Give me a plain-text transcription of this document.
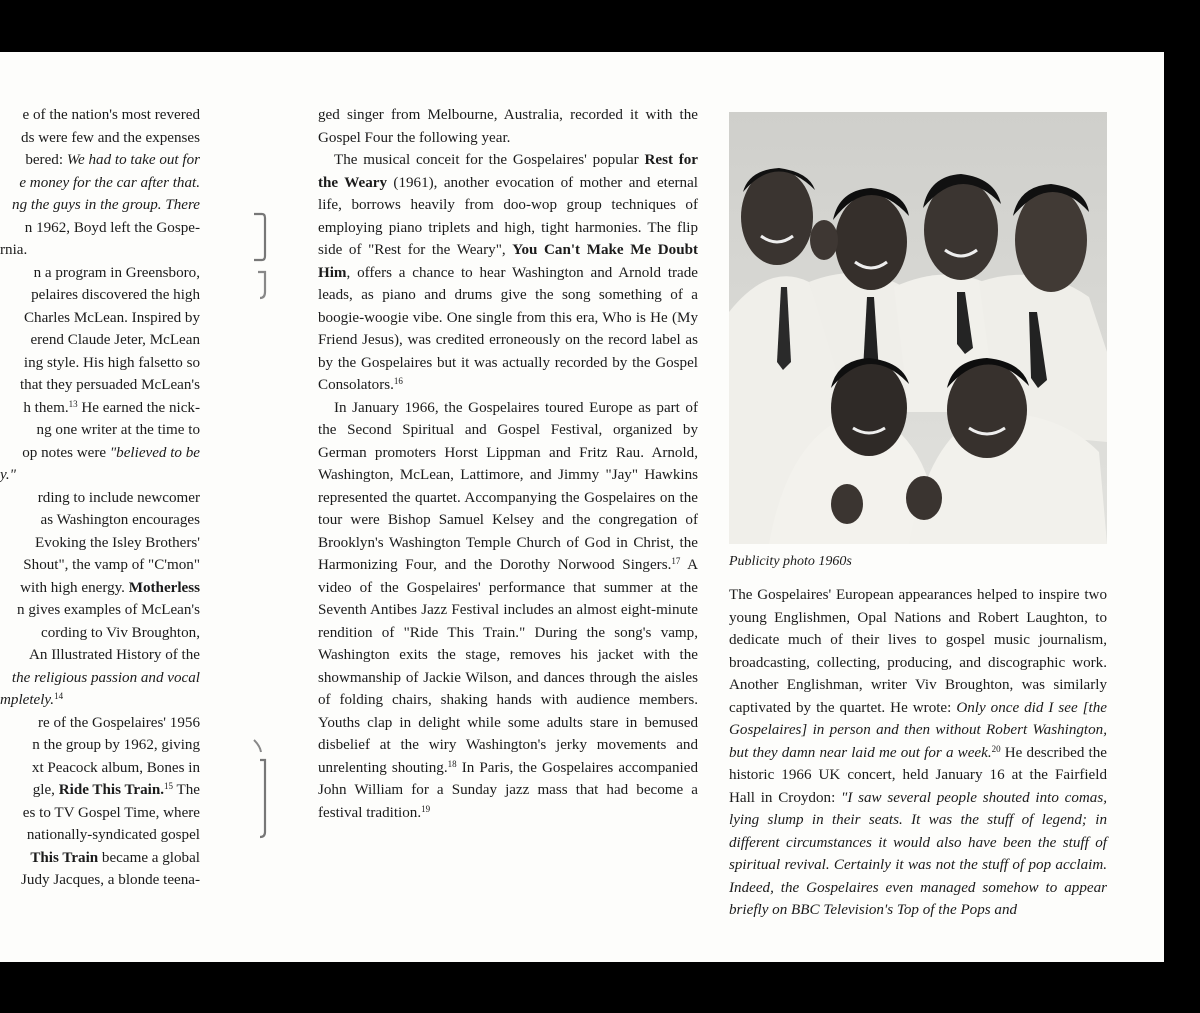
e of the nation's most revered

ds were few and the expenses

bered: We had to take out for

e money for the car after that.

ng the guys in the group. There

n 1962, Boyd left the Gospe-

rnia.

n a program in Greensboro,

pelaires discovered the high

Charles McLean. Inspired by

erend Claude Jeter, McLean

ing style. His high falsetto so

that they persuaded McLean's

h them.$^{13}$ He earned the nick-

ng one writer at the time to

op notes were "believed to be

y."

rding to include newcomer

as Washington encourages

Evoking the Isley Brothers'

Shout", the vamp of "C'mon"

with high energy. Motherless

n gives examples of McLean's

cording to Viv Broughton,

An Illustrated History of the

the religious passion and vocal

mpletely.$^{14}$

re of the Gospelaires' 1956

n the group by 1962, giving

xt Peacock album, Bones in

gle, Ride This Train.$^{15}$ The

es to TV Gospel Time, where

nationally-syndicated gospel

This Train became a global

Judy Jacques, a blonde teena-

ged singer from Melbourne, Australia, recorded it with the Gospel Four the following year.

The musical conceit for the Gospelaires' popular Rest for the Weary (1961), another evocation of mother and eternal life, borrows heavily from doo-wop group techniques of employing piano triplets and high, tight harmonies. The flip side of "Rest for the Weary", You Can't Make Me Doubt Him, offers a chance to hear Washington and Arnold trade leads, as piano and drums give the song something of a boogie-woogie vibe. One single from this era, Who is He (My Friend Jesus), was credited erroneously on the record label as by the Gospelaires but it was actually recorded by the Gospel Consolators.$^{16}$

In January 1966, the Gospelaires toured Europe as part of the Second Spiritual and Gospel Festival, organized by German promoters Horst Lippman and Fritz Rau. Arnold, Washington, McLean, Lattimore, and Jimmy "Jay" Hawkins represented the quartet. Accompanying the Gospelaires on the tour were Bishop Samuel Kelsey and the congregation of Brooklyn's Washington Temple Church of God in Christ, the Harmonizing Four, and the Dorothy Norwood Singers.$^{17}$ A video of the Gospelaires' performance that summer at the Seventh Antibes Jazz Festival includes an almost eight-minute rendition of "Ride This Train." During the song's vamp, Washington exits the stage, removes his jacket with the showmanship of Jackie Wilson, and dances through the aisles of folding chairs, shaking hands with audience members. Youths clap in delight while some adults stare in bemused disbelief at the wiry Washington's jerky movements and unrelenting shouting.$^{18}$ In Paris, the Gospelaires accompanied John William for a Sunday jazz mass that had become a festival tradition.$^{19}$

Publicity photo 1960s

The Gospelaires' European appearances helped to inspire two young Englishmen, Opal Nations and Robert Laughton, to dedicate much of their lives to gospel music journalism, broadcasting, collecting, producing, and discographic work. Another Englishman, writer Viv Broughton, was similarly captivated by the quartet. He wrote: Only once did I see [the Gospelaires] in person and then without Robert Washington, but they damn near laid me out for a week.$^{20}$ He described the historic 1966 UK concert, held January 16 at the Fairfield Hall in Croydon: "I saw several people shouted into comas, lying slump in their seats. It was the stuff of legend; in different circumstances it would also have been the stuff of spiritual revival. Certainly it was not the stuff of pop acclaim. Indeed, the Gospelaires even managed somehow to appear briefly on BBC Television's Top of the Pops and
